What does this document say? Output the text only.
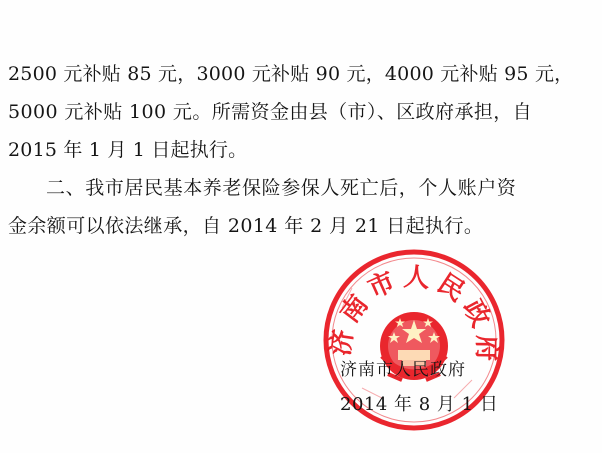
2500 元补贴 85 元，3000 元补贴 90 元，4000 元补贴 95 元，
5000 元补贴 100 元。所需资金由县（市）、区政府承担，自
2015 年 1 月 1 日起执行。
二、我市居民基本养老保险参保人死亡后，个人账户资
金余额可以依法继承，自 2014 年 2 月 21 日起执行。
济南市人民政府
济南市人民政府
2014 年 8 月 1 日
